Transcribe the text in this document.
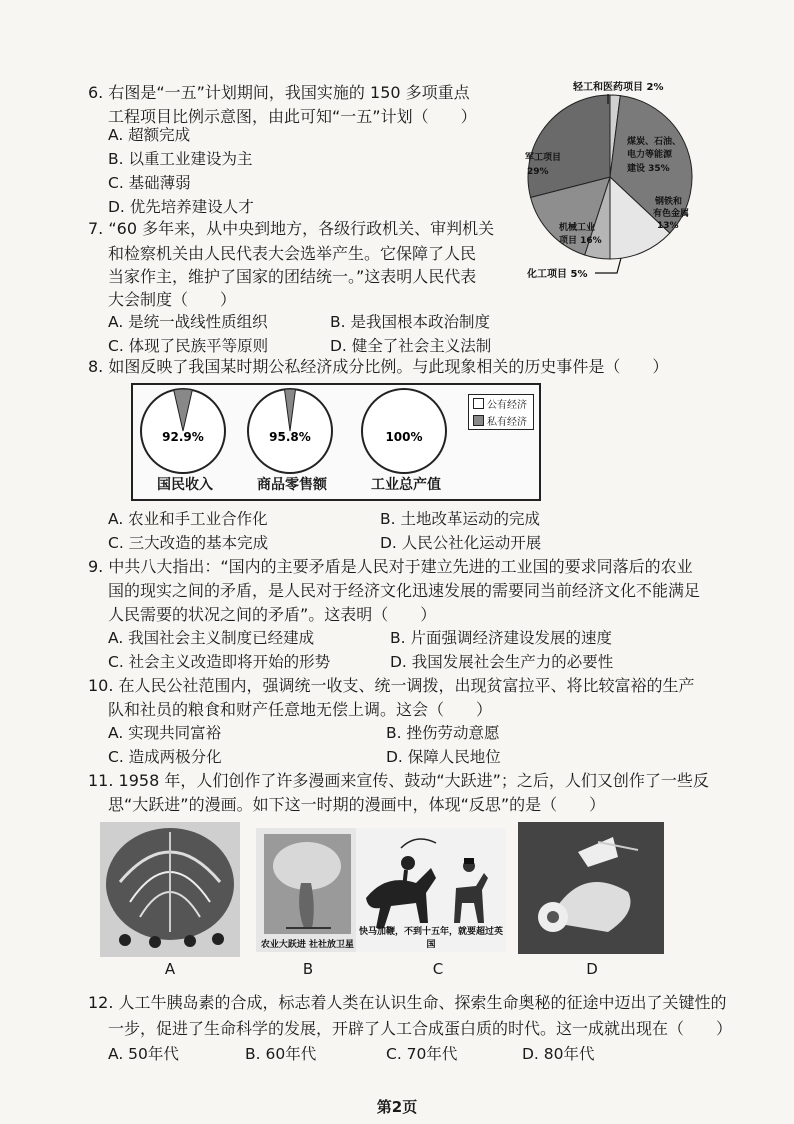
6. 右图是“一五”计划期间，我国实施的 150 多项重点
工程项目比例示意图，由此可知“一五”计划（　　）
A. 超额完成
B. 以重工业建设为主
C. 基础薄弱
D. 优先培养建设人才
轻工和医药项目 2%
煤炭、石油、
电力等能源
建设 35%
钢铁和
有色金属
13%
机械工业
项目 16%
军工项目
29%
化工项目 5%
7. “60 多年来，从中央到地方，各级行政机关、审判机关
和检察机关由人民代表大会选举产生。它保障了人民
当家作主，维护了国家的团结统一。”这表明人民代表
大会制度（　　）
A. 是统一战线性质组织	B. 是我国根本政治制度
C. 体现了民族平等原则	D. 健全了社会主义法制
8. 如图反映了我国某时期公私经济成分比例。与此现象相关的历史事件是（　　）
92.9%	95.8%	100%
国民收入	商品零售额	工业总产值
公有经济
私有经济
A. 农业和手工业合作化	B. 土地改革运动的完成
C. 三大改造的基本完成	D. 人民公社化运动开展
9. 中共八大指出：“国内的主要矛盾是人民对于建立先进的工业国的要求同落后的农业
国的现实之间的矛盾，是人民对于经济文化迅速发展的需要同当前经济文化不能满足
人民需要的状况之间的矛盾”。这表明（　　）
A. 我国社会主义制度已经建成	B. 片面强调经济建设发展的速度
C. 社会主义改造即将开始的形势	D. 我国发展社会生产力的必要性
10. 在人民公社范围内，强调统一收支、统一调拨，出现贫富拉平、将比较富裕的生产
队和社员的粮食和财产任意地无偿上调。这会（　　）
A. 实现共同富裕	B. 挫伤劳动意愿
C. 造成两极分化	D. 保障人民地位
11. 1958 年，人们创作了许多漫画来宣传、鼓动“大跃进”；之后，人们又创作了一些反
思“大跃进”的漫画。如下这一时期的漫画中，体现“反思”的是（　　）
农业大跃进 社社放卫星
快马加鞭，不到十五年，就要超过英国
A	B	C	D
12. 人工牛胰岛素的合成，标志着人类在认识生命、探索生命奥秘的征途中迈出了关键性的
一步，促进了生命科学的发展，开辟了人工合成蛋白质的时代。这一成就出现在（　　）
A. 50年代	B. 60年代	C. 70年代	D. 80年代
第2页
